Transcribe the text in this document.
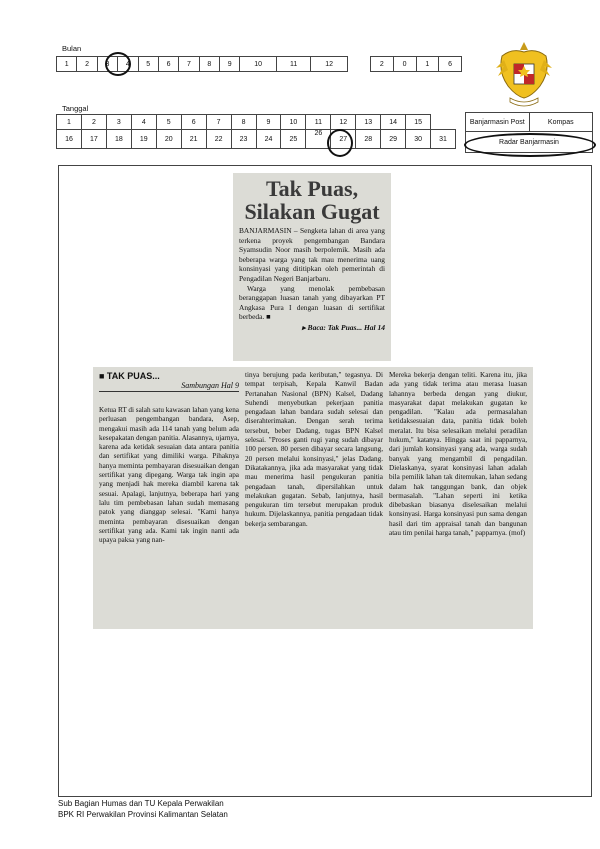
Bulan
1	2	3	4	5	6	7	8	9	10	11	12	2	0	1	6
Tanggal
1	2	3	4	5	6	7	8	9	10	11	12	13	14	15	
16	17	18	19	20	21	22	23	24	25	26	27	28	29	30	31
Banjarmasin Post	Kompas
Radar Banjarmasin
Tak Puas,
Silakan Gugat

BANJARMASIN – Sengketa lahan di area yang terkena proyek pengembangan Bandara Syamsudin Noor masih berpolemik. Masih ada beberapa warga yang tak mau menerima uang konsinyasi yang dititipkan oleh pemerintah di Pengadilan Negeri Banjarbaru.

Warga yang menolak pembebasan beranggapan luasan tanah yang dibayarkan PT Angkasa Pura I dengan luasan di sertifikat berbeda. ■

▸ Baca: Tak Puas... Hal 14
■ TAK PUAS...
Sambungan Hal 9

Ketua RT di salah satu kawasan lahan yang kena perluasan pengembangan bandara, Asep, mengakui masih ada 114 tanah yang belum ada kesepakatan dengan panitia. Alasannya, ujarnya, karena ada ketidak sesuaian data antara panitia dan sertifikat yang dimiliki warga. Pihaknya hanya meminta pembayaran disesuaikan dengan sertifikat yang dipegang. Warga tak ingin apa yang menjadi hak mereka diambil karena tak sesuai. Apalagi, lanjutnya, beberapa hari yang lalu tim pembebasan lahan sudah memasang patok yang dianggap selesai. "Kami hanya meminta pembayaran disesuaikan dengan sertifikat yang ada. Kami tak ingin nanti ada upaya paksa yang nan-

tinya berujung pada keributan," tegasnya. Di tempat terpisah, Kepala Kanwil Badan Pertanahan Nasional (BPN) Kalsel, Dadang Suhendi menyebutkan pekerjaan panitia pengadaan lahan bandara sudah selesai dan diserahterimakan. Dengan serah terima tersebut, beber Dadang, tugas BPN Kalsel selesai. "Proses ganti rugi yang sudah dibayar 100 persen. 80 persen dibayar secara langsung, 20 persen melalui konsinyasi," jelas Dadang. Dikatakannya, jika ada masyarakat yang tidak mau menerima hasil pengukuran panitia pengadaan tanah, dipersilahkan untuk melakukan gugatan. Sebab, lanjutnya, hasil pengukuran tim tersebut merupakan produk hukum. Dijelaskannya, panitia pengadaan tidak bekerja sembarangan.

Mereka bekerja dengan teliti. Karena itu, jika ada yang tidak terima atau merasa luasan lahannya berbeda dengan yang diukur, masyarakat dapat melakukan gugatan ke pengadilan. "Kalau ada permasalahan ketidaksesuaian data, panitia tidak boleh meralat. Itu bisa selesaikan melalui peradilan hukum," katanya. Hingga saat ini papparnya, dari jumlah konsinyasi yang ada, warga sudah banyak yang mengambil di pengadilan. Dielaskanya, syarat konsinyasi lahan adalah bila pemilik lahan tak ditemukan, lahan sedang dalam hak tanggungan bank, dan objek bermasalah. "Lahan seperti ini ketika dibebaskan biasanya diselesaikan melalui konsinyasi. Harga konsinyasi pun sama dengan hasil dari tim appraisal tanah dan bangunan atau tim penilai harga tanah," papparnya. (mof)

Sub Bagian Humas dan TU Kepala Perwakilan
BPK RI Perwakilan Provinsi Kalimantan Selatan
